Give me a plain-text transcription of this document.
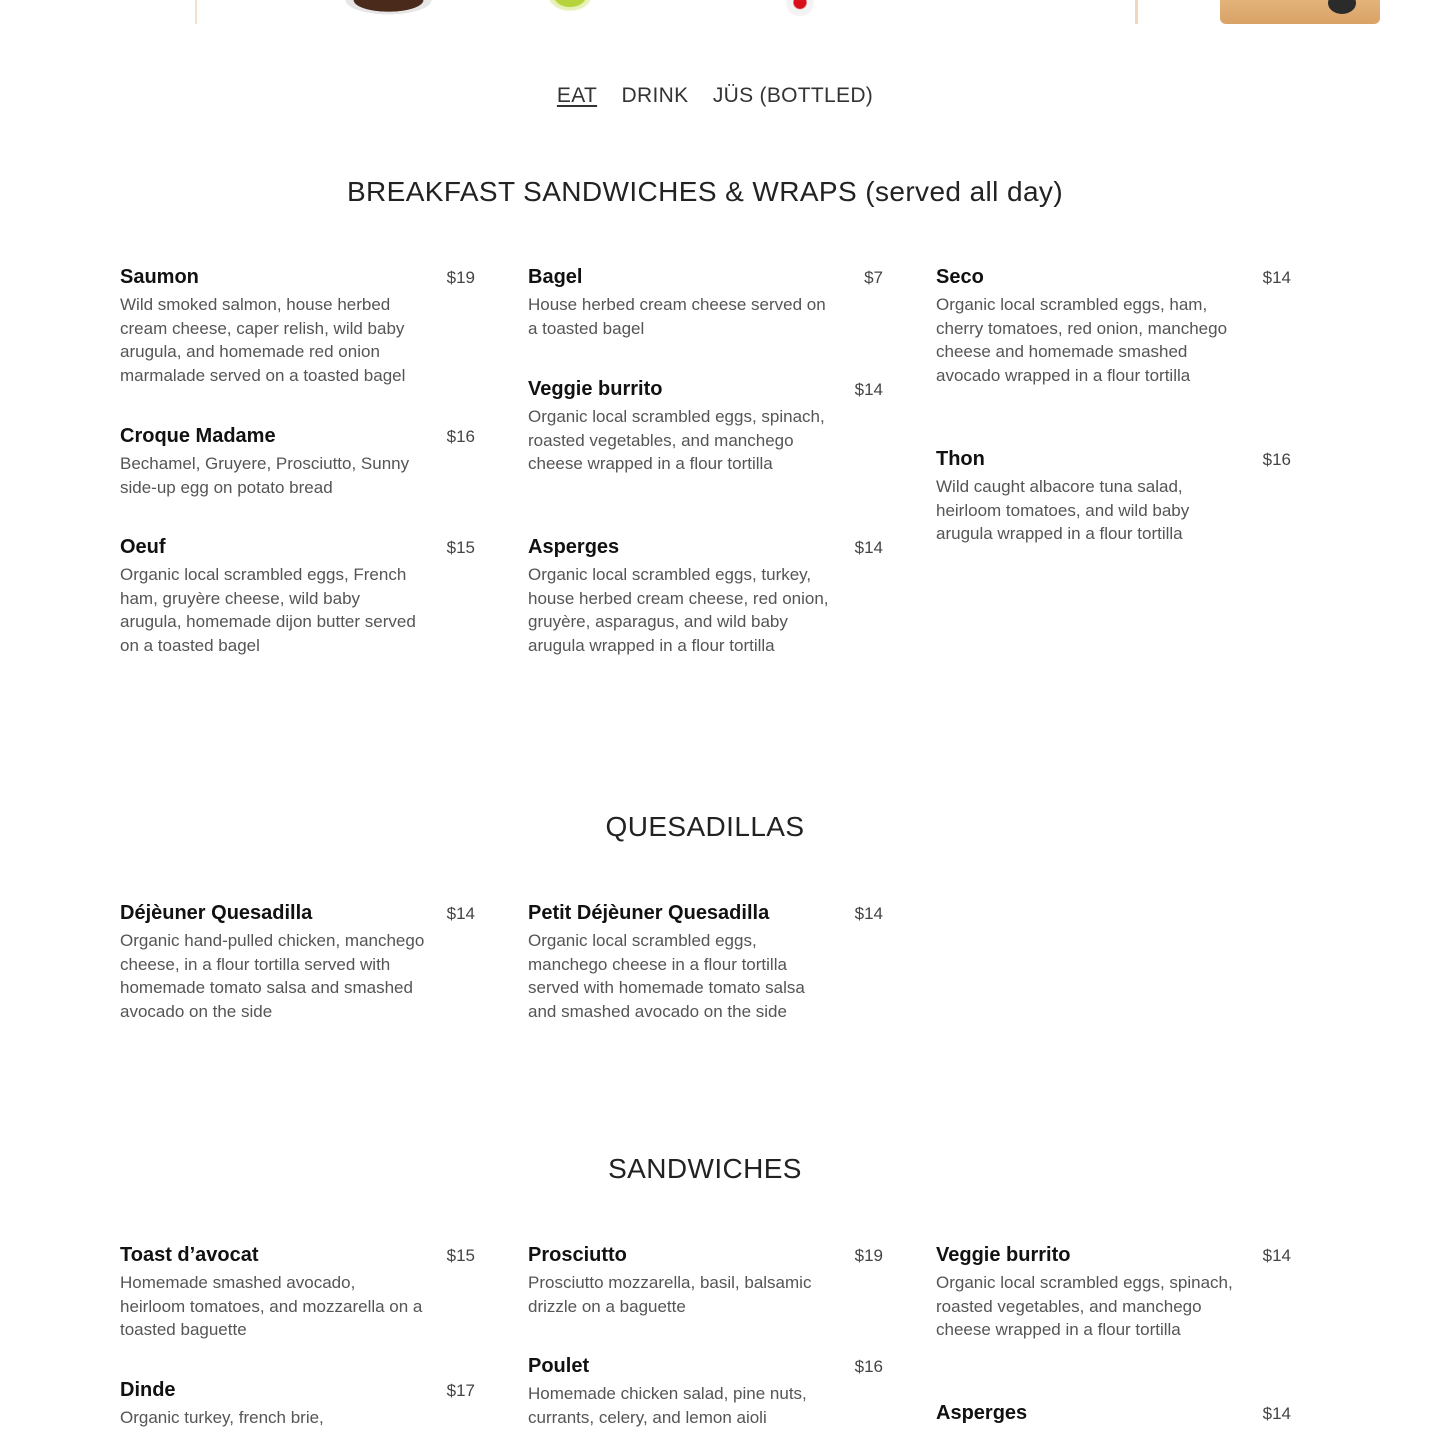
EAT DRINK JÜS (BOTTLED)
BREAKFAST SANDWICHES & WRAPS (served all day)
Saumon	$19
Wild smoked salmon, house herbed cream cheese, caper relish, wild baby arugula, and homemade red onion marmalade served on a toasted bagel
Croque Madame	$16
Bechamel, Gruyere, Prosciutto, Sunny side-up egg on potato bread
Oeuf	$15
Organic local scrambled eggs, French ham, gruyère cheese, wild baby arugula, homemade dijon butter served on a toasted bagel
Bagel	$7
House herbed cream cheese served on a toasted bagel
Veggie burrito	$14
Organic local scrambled eggs, spinach, roasted vegetables, and manchego cheese wrapped in a flour tortilla
Asperges	$14
Organic local scrambled eggs, turkey, house herbed cream cheese, red onion, gruyère, asparagus, and wild baby arugula wrapped in a flour tortilla
Seco	$14
Organic local scrambled eggs, ham, cherry tomatoes, red onion, manchego cheese and homemade smashed avocado wrapped in a flour tortilla
Thon	$16
Wild caught albacore tuna salad, heirloom tomatoes, and wild baby arugula wrapped in a flour tortilla
QUESADILLAS
Déjèuner Quesadilla	$14
Organic hand-pulled chicken, manchego cheese, in a flour tortilla served with homemade tomato salsa and smashed avocado on the side
Petit Déjèuner Quesadilla	$14
Organic local scrambled eggs, manchego cheese in a flour tortilla served with homemade tomato salsa and smashed avocado on the side
SANDWICHES
Toast d’avocat	$15
Homemade smashed avocado, heirloom tomatoes, and mozzarella on a toasted baguette
Dinde	$17
Organic turkey, french brie,
Prosciutto	$19
Prosciutto mozzarella, basil, balsamic drizzle on a baguette
Poulet	$16
Homemade chicken salad, pine nuts, currants, celery, and lemon aioli
Veggie burrito	$14
Organic local scrambled eggs, spinach, roasted vegetables, and manchego cheese wrapped in a flour tortilla
Asperges	$14
